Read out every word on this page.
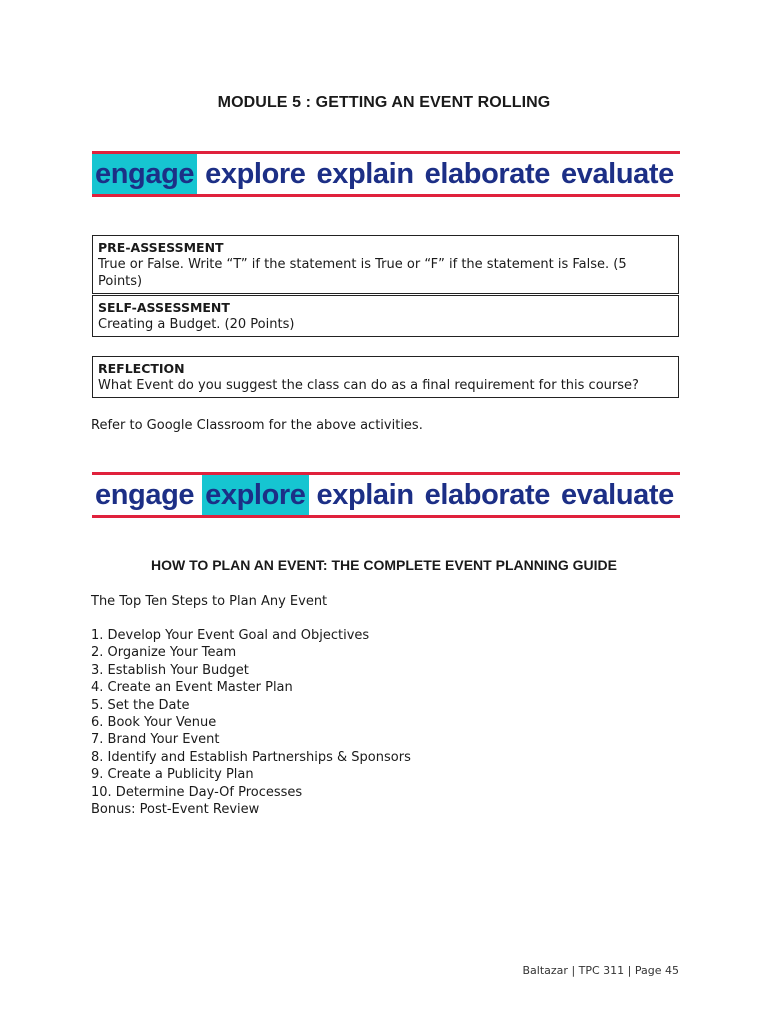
MODULE 5 : GETTING AN EVENT ROLLING
engage explore explain elaborate evaluate
PRE-ASSESSMENT
True or False. Write “T” if the statement is True or “F” if the statement is False. (5 Points)
SELF-ASSESSMENT
Creating a Budget. (20 Points)
REFLECTION
What Event do you suggest the class can do as a final requirement for this course?
Refer to Google Classroom for the above activities.
engage explore explain elaborate evaluate
HOW TO PLAN AN EVENT: THE COMPLETE EVENT PLANNING GUIDE
The Top Ten Steps to Plan Any Event
1. Develop Your Event Goal and Objectives
2. Organize Your Team
3. Establish Your Budget
4. Create an Event Master Plan
5. Set the Date
6. Book Your Venue
7. Brand Your Event
8. Identify and Establish Partnerships & Sponsors
9. Create a Publicity Plan
10. Determine Day-Of Processes
Bonus: Post-Event Review
Baltazar | TPC 311 | Page 45
